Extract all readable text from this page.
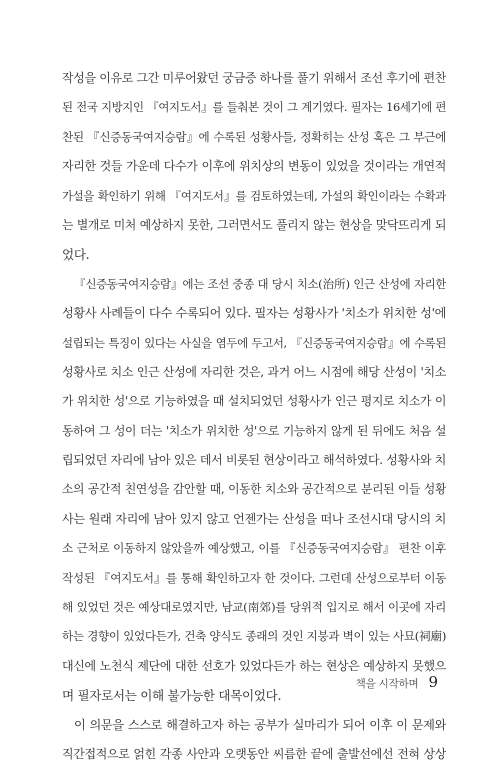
작성을 이유로 그간 미루어왔던 궁금증 하나를 풀기 위해서 조선 후기에 편찬
된 전국 지방지인 『여지도서』를 들춰본 것이 그 계기였다. 필자는 16세기에 편
찬된 『신증동국여지승람』에 수록된 성황사들, 정확히는 산성 혹은 그 부근에
자리한 것들 가운데 다수가 이후에 위치상의 변동이 있었을 것이라는 개연적
가설을 확인하기 위해 『여지도서』를 검토하였는데, 가설의 확인이라는 수확과
는 별개로 미처 예상하지 못한, 그러면서도 풀리지 않는 현상을 맞닥뜨리게 되
었다.
『신증동국여지승람』에는 조선 중종 대 당시 치소(治所) 인근 산성에 자리한
성황사 사례들이 다수 수록되어 있다. 필자는 성황사가 '치소가 위치한 성'에
설립되는 특징이 있다는 사실을 염두에 두고서, 『신증동국여지승람』에 수록된
성황사로 치소 인근 산성에 자리한 것은, 과거 어느 시점에 해당 산성이 '치소
가 위치한 성'으로 기능하였을 때 설치되었던 성황사가 인근 평지로 치소가 이
동하여 그 성이 더는 '치소가 위치한 성'으로 기능하지 않게 된 뒤에도 처음 설
립되었던 자리에 남아 있은 데서 비롯된 현상이라고 해석하였다. 성황사와 치
소의 공간적 친연성을 감안할 때, 이동한 치소와 공간적으로 분리된 이들 성황
사는 원래 자리에 남아 있지 않고 언젠가는 산성을 떠나 조선시대 당시의 치
소 근처로 이동하지 않았을까 예상했고, 이를 『신증동국여지승람』 편찬 이후
작성된 『여지도서』를 통해 확인하고자 한 것이다. 그런데 산성으로부터 이동
해 있었던 것은 예상대로였지만, 남교(南郊)를 당위적 입지로 해서 이곳에 자리
하는 경향이 있었다든가, 건축 양식도 종래의 것인 지붕과 벽이 있는 사묘(祠廟)
대신에 노천식 제단에 대한 선호가 있었다든가 하는 현상은 예상하지 못했으
며 필자로서는 이해 불가능한 대목이었다.
이 의문을 스스로 해결하고자 하는 공부가 실마리가 되어 이후 이 문제와
직간접적으로 얽힌 각종 사안과 오랫동안 씨름한 끝에 출발선에선 전혀 상상
책을 시작하며 9
